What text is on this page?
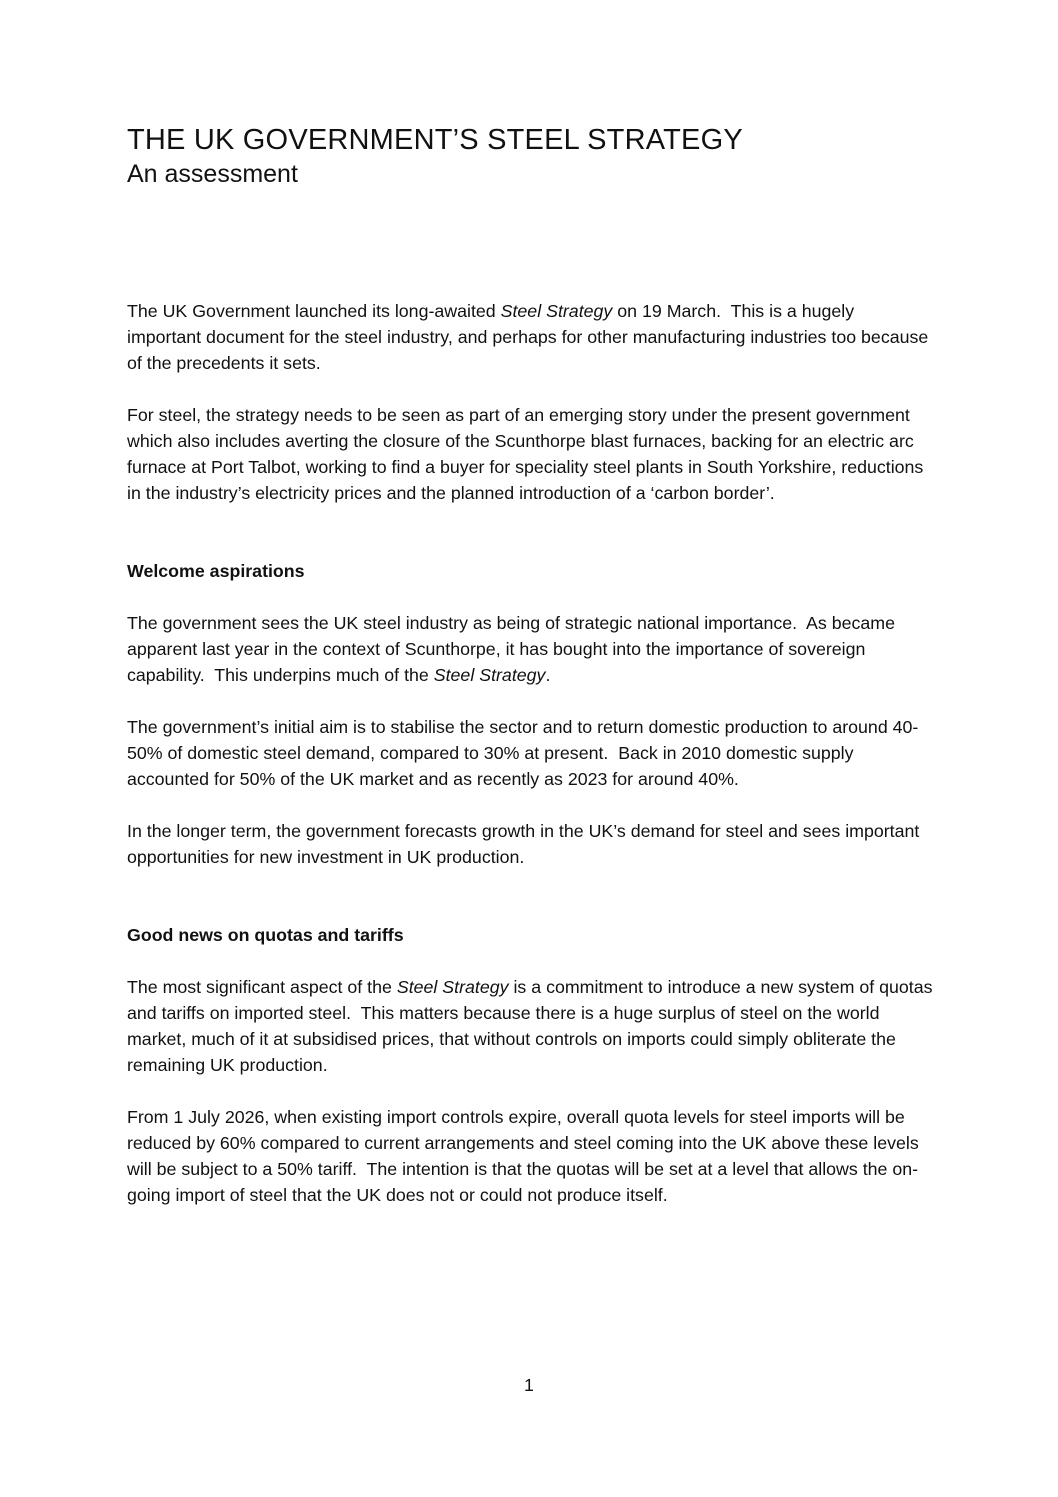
THE UK GOVERNMENT’S STEEL STRATEGY
An assessment

The UK Government launched its long-awaited Steel Strategy on 19 March.  This is a hugely important document for the steel industry, and perhaps for other manufacturing industries too because of the precedents it sets.

For steel, the strategy needs to be seen as part of an emerging story under the present government which also includes averting the closure of the Scunthorpe blast furnaces, backing for an electric arc furnace at Port Talbot, working to find a buyer for speciality steel plants in South Yorkshire, reductions in the industry’s electricity prices and the planned introduction of a ‘carbon border’.

Welcome aspirations

The government sees the UK steel industry as being of strategic national importance.  As became apparent last year in the context of Scunthorpe, it has bought into the importance of sovereign capability.  This underpins much of the Steel Strategy.

The government’s initial aim is to stabilise the sector and to return domestic production to around 40-50% of domestic steel demand, compared to 30% at present.  Back in 2010 domestic supply accounted for 50% of the UK market and as recently as 2023 for around 40%.

In the longer term, the government forecasts growth in the UK’s demand for steel and sees important opportunities for new investment in UK production.

Good news on quotas and tariffs

The most significant aspect of the Steel Strategy is a commitment to introduce a new system of quotas and tariffs on imported steel.  This matters because there is a huge surplus of steel on the world market, much of it at subsidised prices, that without controls on imports could simply obliterate the remaining UK production.

From 1 July 2026, when existing import controls expire, overall quota levels for steel imports will be reduced by 60% compared to current arrangements and steel coming into the UK above these levels will be subject to a 50% tariff.  The intention is that the quotas will be set at a level that allows the on-going import of steel that the UK does not or could not produce itself.

1
